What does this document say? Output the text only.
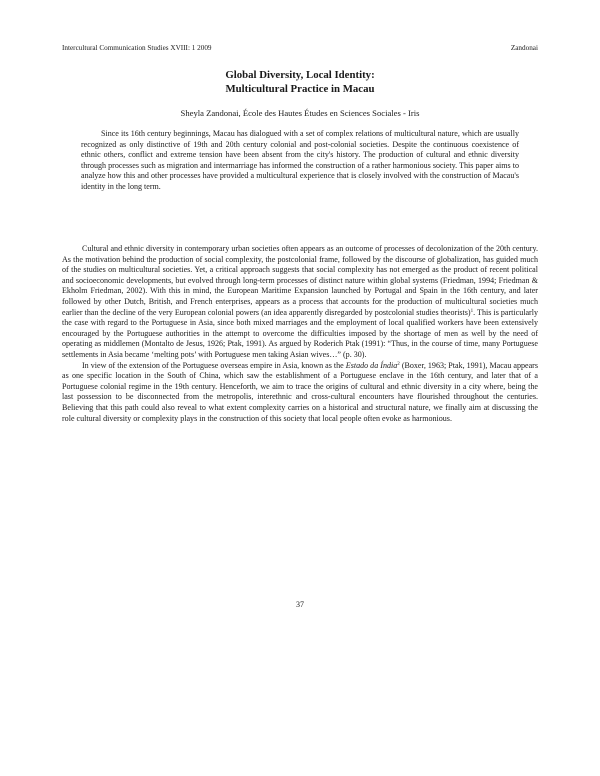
Intercultural Communication Studies XVIII: 1 2009	Zandonai
Global Diversity, Local Identity:
Multicultural Practice in Macau
Sheyla Zandonai, École des Hautes Études en Sciences Sociales - Iris

Since its 16th century beginnings, Macau has dialogued with a set of complex relations of multicultural nature, which are usually recognized as only distinctive of 19th and 20th century colonial and post-colonial societies. Despite the continuous coexistence of ethnic others, conflict and extreme tension have been absent from the city's history. The production of cultural and ethnic diversity through processes such as migration and intermarriage has informed the construction of a rather harmonious society. This paper aims to analyze how this and other processes have provided a multicultural experience that is closely involved with the construction of Macau's identity in the long term.

Cultural and ethnic diversity in contemporary urban societies often appears as an outcome of processes of decolonization of the 20th century. As the motivation behind the production of social complexity, the postcolonial frame, followed by the discourse of globalization, has guided much of the studies on multicultural societies. Yet, a critical approach suggests that social complexity has not emerged as the product of recent political and socioeconomic developments, but evolved through long-term processes of distinct nature within global systems (Friedman, 1994; Friedman & Ekholm Friedman, 2002). With this in mind, the European Maritime Expansion launched by Portugal and Spain in the 16th century, and later followed by other Dutch, British, and French enterprises, appears as a process that accounts for the production of multicultural societies much earlier than the decline of the very European colonial powers (an idea apparently disregarded by postcolonial studies theorists)$^1$. This is particularly the case with regard to the Portuguese in Asia, since both mixed marriages and the employment of local qualified workers have been extensively encouraged by the Portuguese authorities in the attempt to overcome the difficulties imposed by the shortage of men as well by the need of operating as middlemen (Montalto de Jesus, 1926; Ptak, 1991). As argued by Roderich Ptak (1991): “Thus, in the course of time, many Portuguese settlements in Asia became ‘melting pots’ with Portuguese men taking Asian wives…” (p. 30).

In view of the extension of the Portuguese overseas empire in Asia, known as the Estado da Índia$^2$ (Boxer, 1963; Ptak, 1991), Macau appears as one specific location in the South of China, which saw the establishment of a Portuguese enclave in the 16th century, and later that of a Portuguese colonial regime in the 19th century. Henceforth, we aim to trace the origins of cultural and ethnic diversity in a city where, being the last possession to be disconnected from the metropolis, interethnic and cross-cultural encounters have flourished throughout the centuries. Believing that this path could also reveal to what extent complexity carries on a historical and structural nature, we finally aim at discussing the role cultural diversity or complexity plays in the construction of this society that local people often evoke as harmonious.

37
